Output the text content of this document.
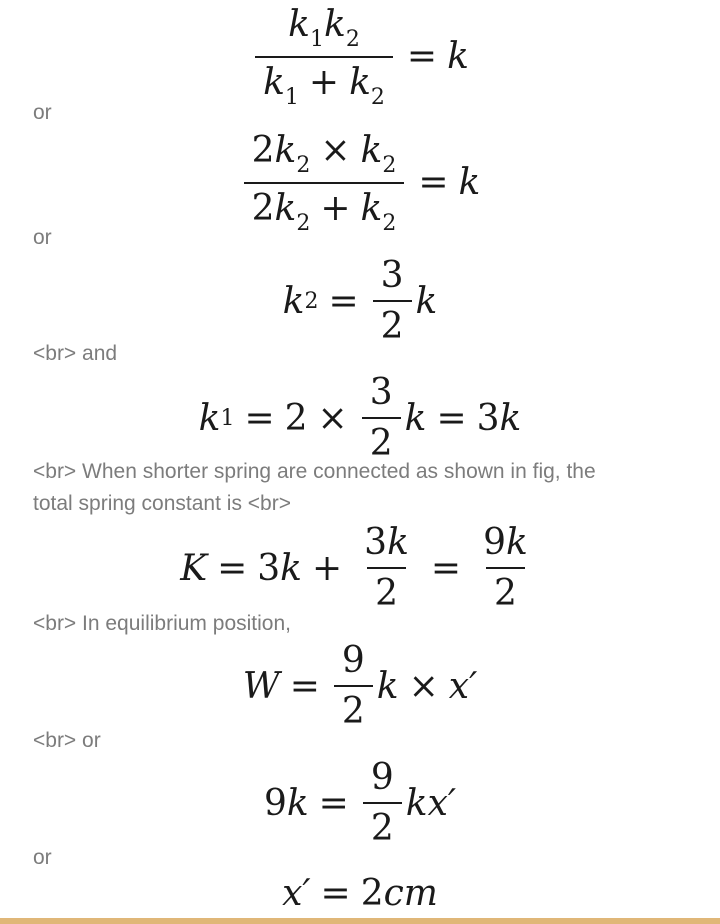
$\frac{k_1k_2}{k_1 + k_2} = k$
or
$\frac{2k_2 \times k_2}{2k_2 + k_2} = k$
or
k $2 = \frac{3}{2}$ k
<br> and
k $1 = 2 \times \frac{3}{2}$ k = 3 k
<br> When shorter spring are connected as shown in fig, the
total spring constant is <br>
K = 3 $k + \frac{3k}{2} = \frac{9k}{2}$
<br> In equilibrium position,
$W = \frac{9}{2}$ k × x′
<br> or
9 $k = \frac{9}{2} kx'$
or
x′ = 2 cm
